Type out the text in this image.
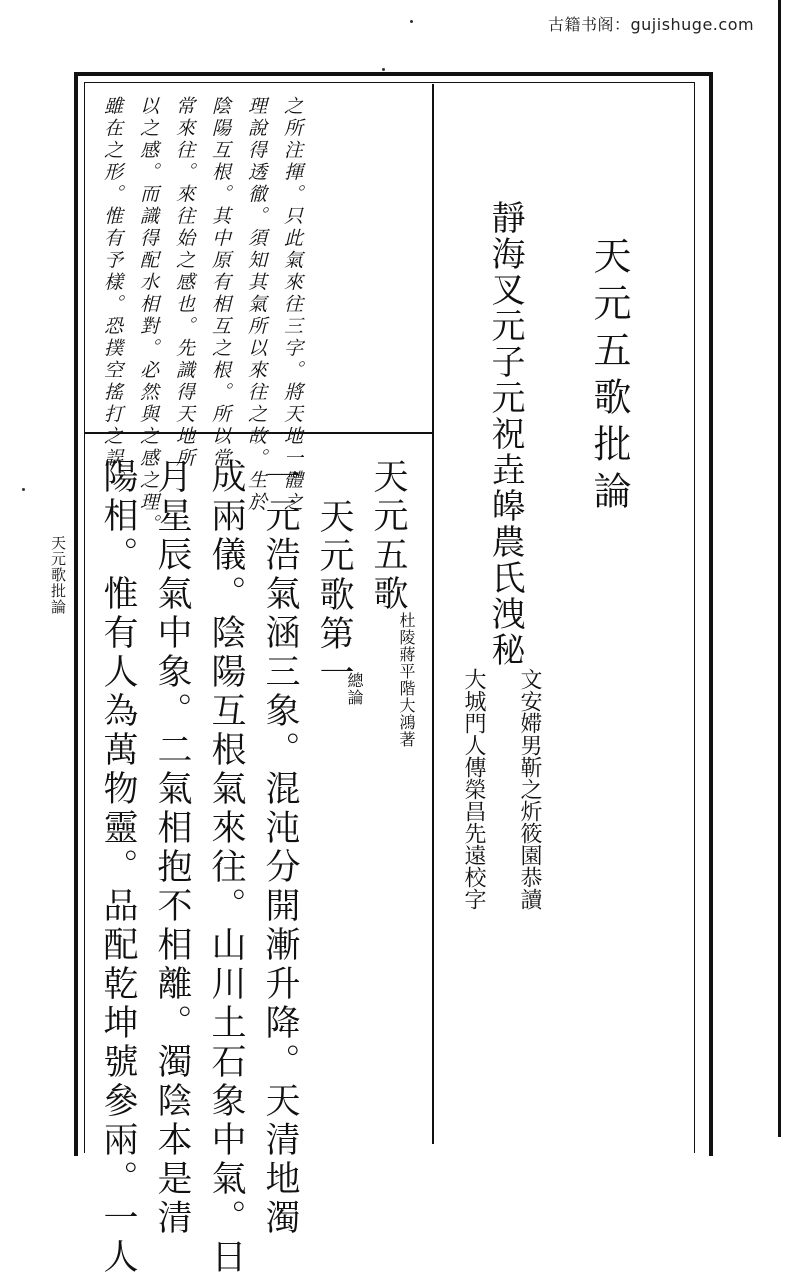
古籍书阁：gujishuge.com
天元歌批論
之所注揮。只此氣來往三字。將天地一體之
理說得透徹。須知其氣所以來往之故。生於
陰陽互根。其中原有相互之根。所以常
常來往。來往始之感也。先識得天地所
以之感。而識得配水相對。必然與之感之理。
雖在之形。惟有予樣。恐撲空搖打之誤。	天元五歌批論
靜海叉元子元祝垚皞農氏洩秘
文安㛿男靳之炘筱園恭讀
大城門人傳榮昌先遠校字
天元五歌
杜陵蔣平階大鴻著
天元歌第一
總論
一元浩氣涵三象。混沌分開漸升降。天清地濁
成兩儀。陰陽互根氣來往。山川土石象中氣。日
月星辰氣中象。二氣相抱不相離。濁陰本是清
陽相。惟有人為萬物靈。品配乾坤號參兩。一人
